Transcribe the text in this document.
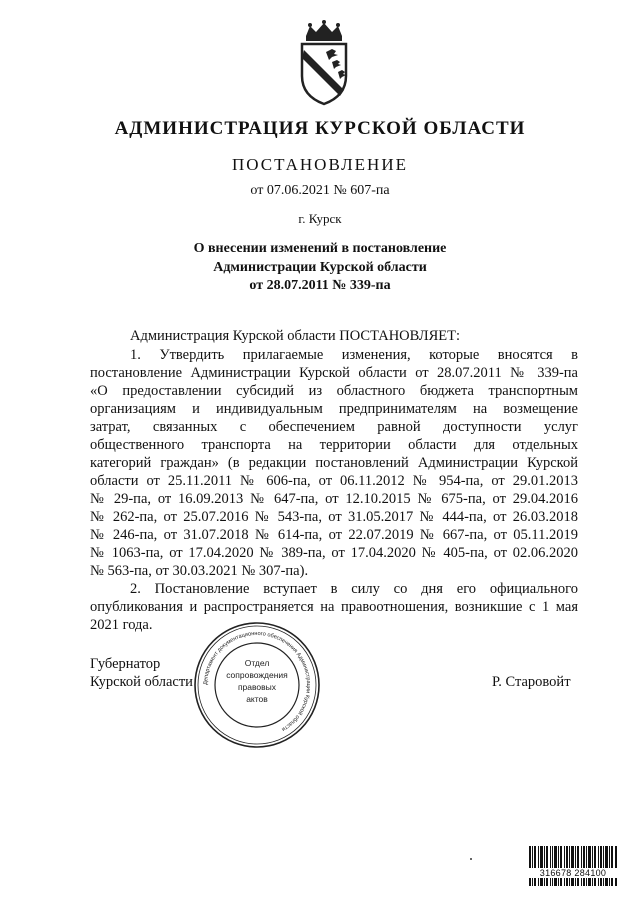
АДМИНИСТРАЦИЯ КУРСКОЙ ОБЛАСТИ
ПОСТАНОВЛЕНИЕ
от 07.06.2021 № 607-па
г. Курск
О внесении изменений в постановление
Администрации Курской области
от 28.07.2011 № 339-па
Администрация Курской области ПОСТАНОВЛЯЕТ:
1. Утвердить прилагаемые изменения, которые вносятся в
постановление Администрации Курской области от 28.07.2011 № 339-па
«О предоставлении субсидий из областного бюджета транспортным
организациям и индивидуальным предпринимателям на возмещение
затрат, связанных с обеспечением равной доступности услуг
общественного транспорта на территории области для отдельных
категорий граждан» (в редакции постановлений Администрации Курской
области от 25.11.2011 № 606-па, от 06.11.2012 № 954-па, от 29.01.2013
№ 29-па, от 16.09.2013 № 647-па, от 12.10.2015 № 675-па, от 29.04.2016
№ 262-па, от 25.07.2016 № 543-па, от 31.05.2017 № 444-па, от 26.03.2018
№ 246-па, от 31.07.2018 № 614-па, от 22.07.2019 № 667-па, от 05.11.2019
№ 1063-па, от 17.04.2020 № 389-па, от 17.04.2020 № 405-па, от 02.06.2020
№ 563-па, от 30.03.2021 № 307-па).
2. Постановление вступает в силу со дня его официального
опубликования и распространяется на правоотношения, возникшие с 1 мая
2021 года.
Губернатор
Курской области	Р. Старовойт
Департамент документационного обеспечения Администрации Курской области
Отдел
сопровождения
правовых
актов
316678 284100
